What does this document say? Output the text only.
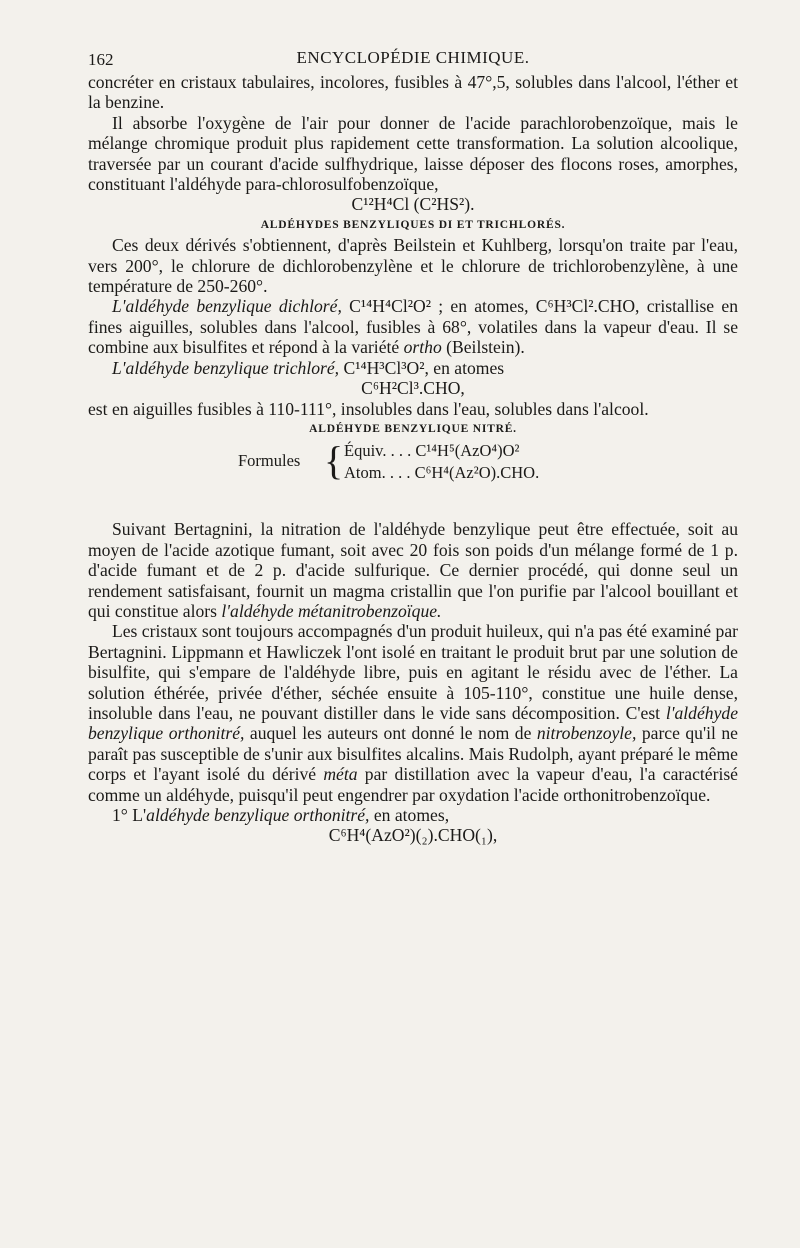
162	ENCYCLOPÉDIE CHIMIQUE.

concréter en cristaux tabulaires, incolores, fusibles à 47°,5, solubles dans l'alcool, l'éther et la benzine.

Il absorbe l'oxygène de l'air pour donner de l'acide parachlorobenzoïque, mais le mélange chromique produit plus rapidement cette transformation. La solution alcoolique, traversée par un courant d'acide sulfhydrique, laisse déposer des flocons roses, amorphes, constituant l'aldéhyde para-chlorosulfobenzoïque,

C¹²H⁴Cl (C²HS²).

ALDÉHYDES BENZYLIQUES DI ET TRICHLORÉS.

Ces deux dérivés s'obtiennent, d'après Beilstein et Kuhlberg, lorsqu'on traite par l'eau, vers 200°, le chlorure de dichlorobenzylène et le chlorure de trichlorobenzylène, à une température de 250-260°.

L'aldéhyde benzylique dichloré, C¹⁴H⁴Cl²O² ; en atomes, C⁶H³Cl².CHO, cristallise en fines aiguilles, solubles dans l'alcool, fusibles à 68°, volatiles dans la vapeur d'eau. Il se combine aux bisulfites et répond à la variété ortho (Beilstein).

L'aldéhyde benzylique trichloré, C¹⁴H³Cl³O², en atomes

C⁶H²Cl³.CHO,

est en aiguilles fusibles à 110-111°, insolubles dans l'eau, solubles dans l'alcool.

ALDÉHYDE BENZYLIQUE NITRÉ.

Formules { Équiv. . . . C¹⁴H⁵(AzO⁴)O²
Atom. . . . C⁶H⁴(Az²O).CHO.

Suivant Bertagnini, la nitration de l'aldéhyde benzylique peut être effectuée, soit au moyen de l'acide azotique fumant, soit avec 20 fois son poids d'un mélange formé de 1 p. d'acide fumant et de 2 p. d'acide sulfurique. Ce dernier procédé, qui donne seul un rendement satisfaisant, fournit un magma cristallin que l'on purifie par l'alcool bouillant et qui constitue alors l'aldéhyde métanitrobenzoïque.

Les cristaux sont toujours accompagnés d'un produit huileux, qui n'a pas été examiné par Bertagnini. Lippmann et Hawliczek l'ont isolé en traitant le produit brut par une solution de bisulfite, qui s'empare de l'aldéhyde libre, puis en agitant le résidu avec de l'éther. La solution éthérée, privée d'éther, séchée ensuite à 105-110°, constitue une huile dense, insoluble dans l'eau, ne pouvant distiller dans le vide sans décomposition. C'est l'aldéhyde benzylique orthonitré, auquel les auteurs ont donné le nom de nitrobenzoyle, parce qu'il ne paraît pas susceptible de s'unir aux bisulfites alcalins. Mais Rudolph, ayant préparé le même corps et l'ayant isolé du dérivé méta par distillation avec la vapeur d'eau, l'a caractérisé comme un aldéhyde, puisqu'il peut engendrer par oxydation l'acide orthonitrobenzoïque.

1° L'aldéhyde benzylique orthonitré, en atomes,

C⁶H⁴(AzO²)(₂).CHO(₁),
